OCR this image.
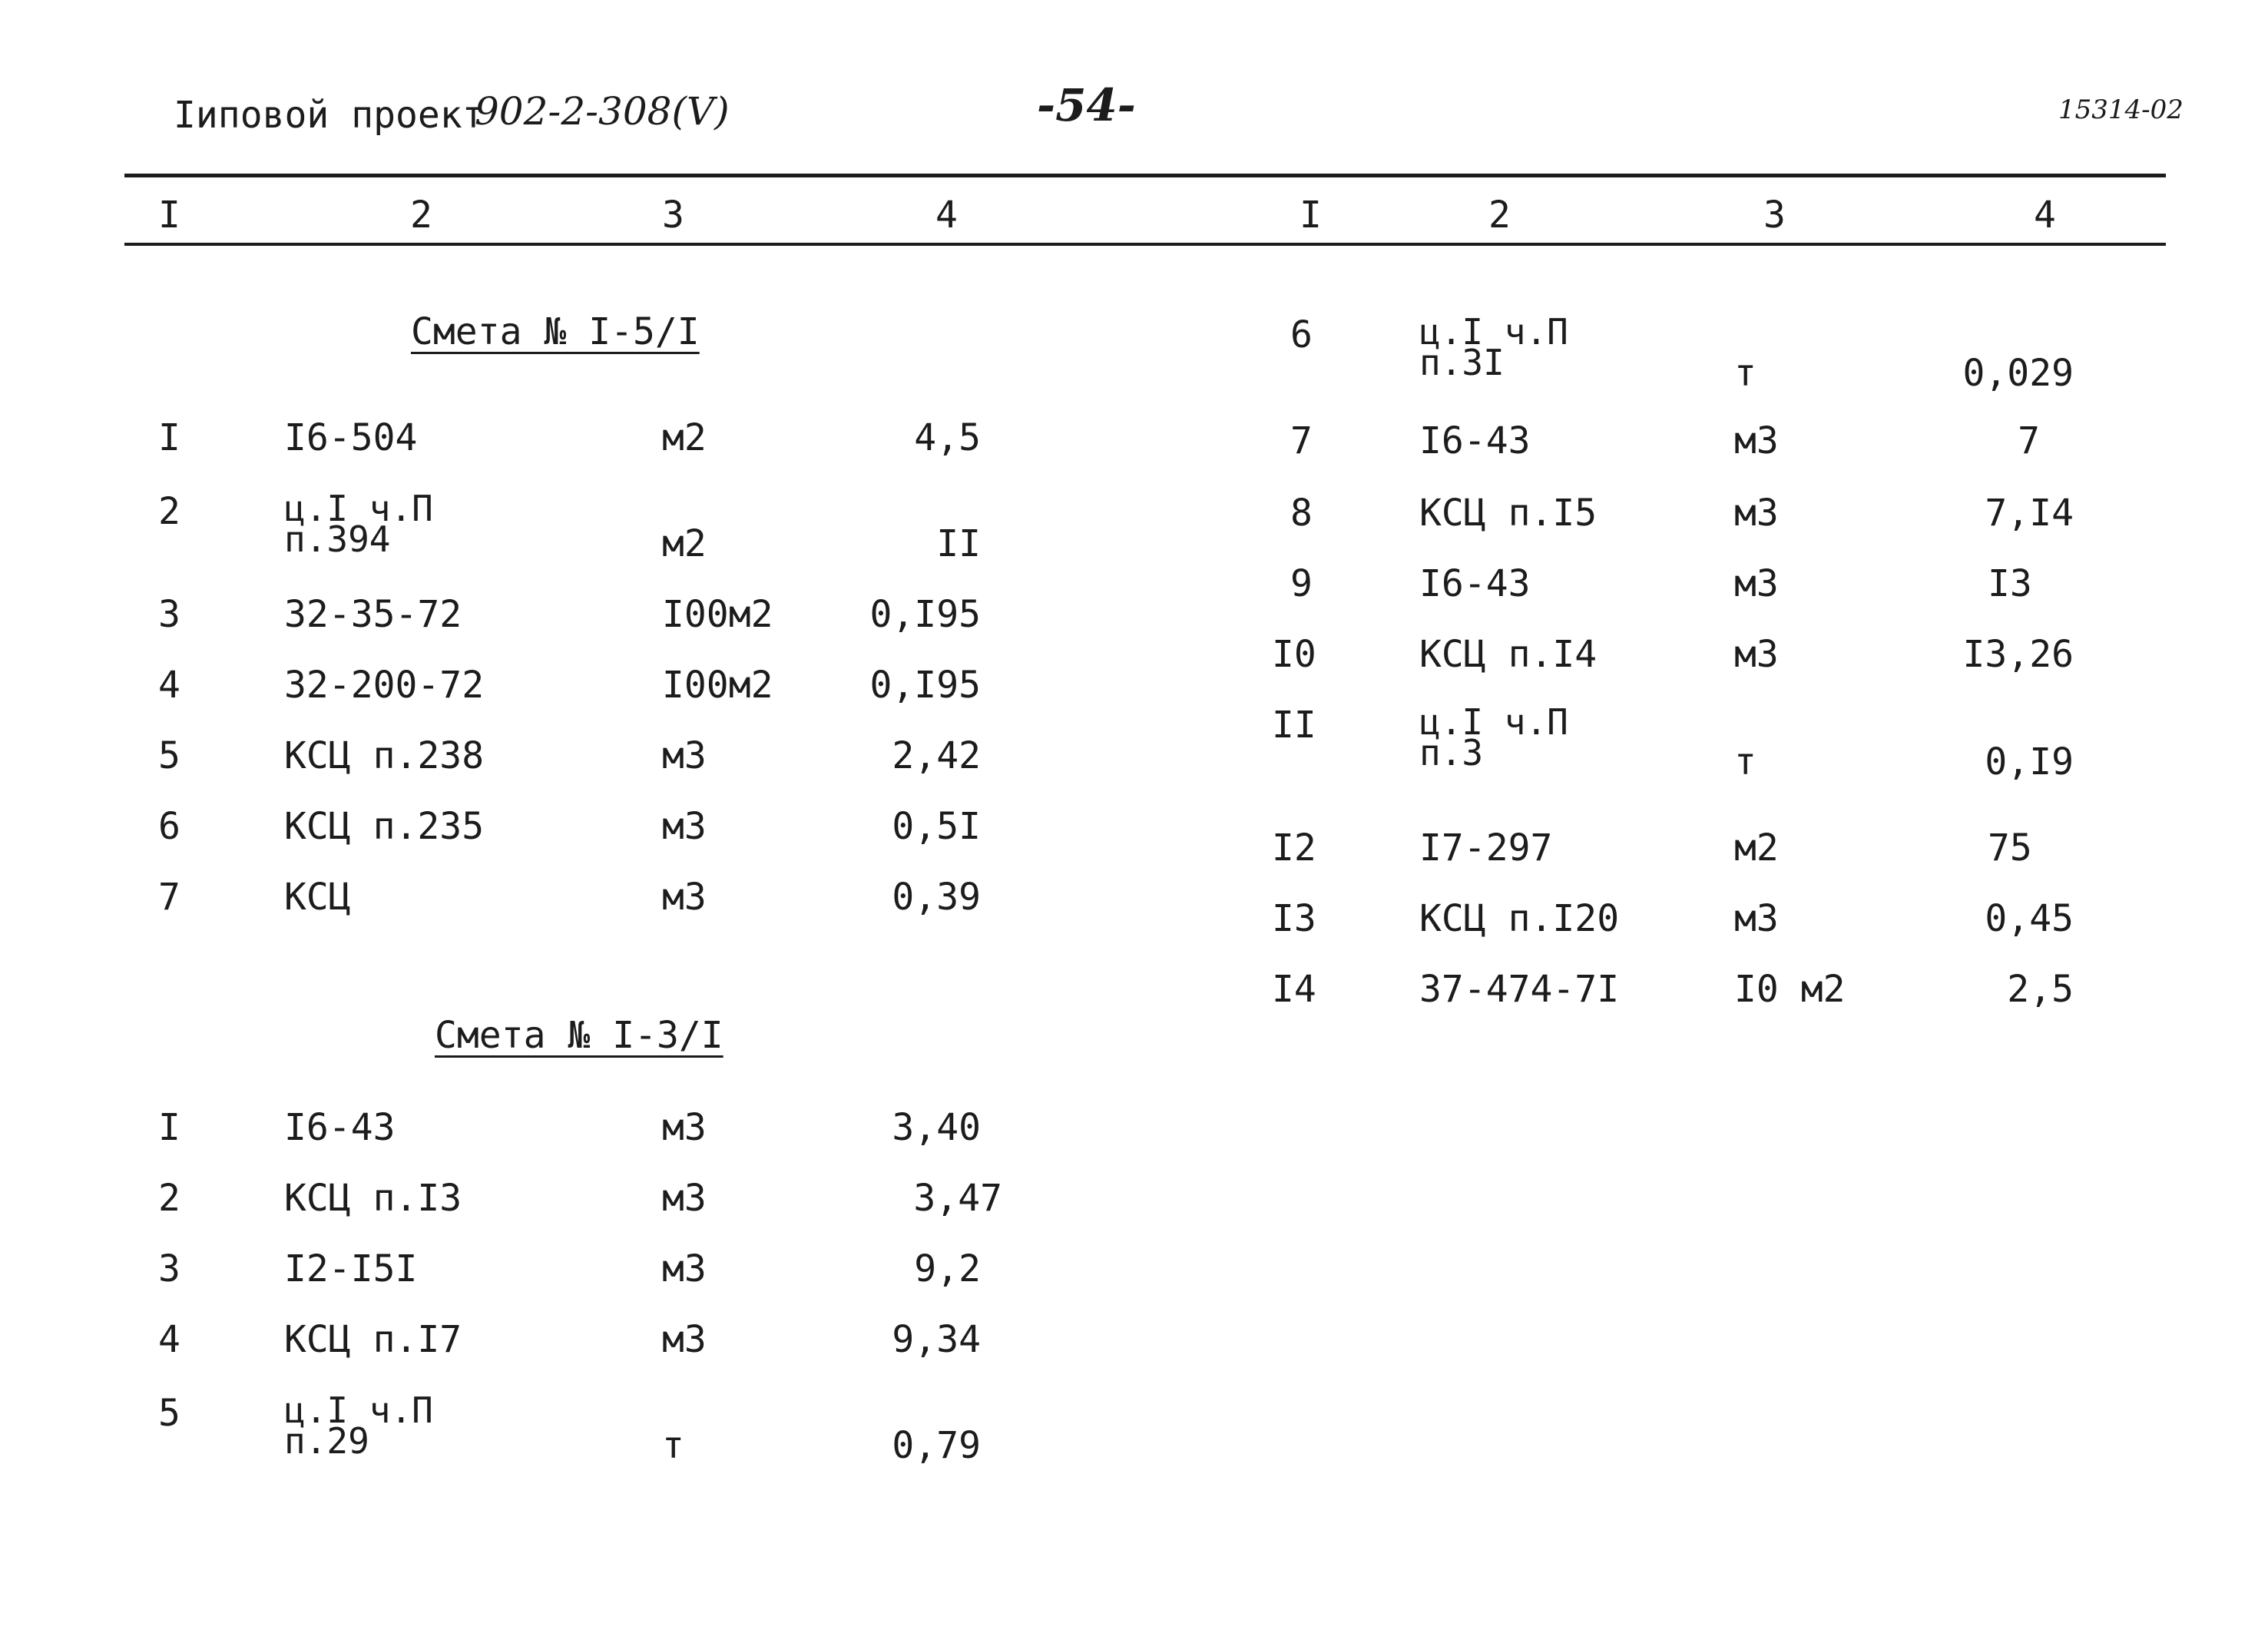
Іиповой проект
902-2-308(Ⅴ)	-54-	15314-02
I	2	3	4	I	2	3	4
Смета № I-5/I
I	I6-504	м2	4,5
2	ц.I ч.П
п.394	м2	II
3	32-35-72	I00м2	0,I95
4	32-200-72	I00м2	0,I95
5	КСЦ п.238	м3	2,42
6	КСЦ п.235	м3	0,5I
7	КСЦ	м3	0,39
Смета № I-3/I
I	I6-43	м3	3,40
2	КСЦ п.I3	м3	3,47
3	I2-I5I	м3	9,2
4	КСЦ п.I7	м3	9,34
5	ц.I ч.П
п.29	т	0,79
6	ц.I ч.П
п.3I	т	0,029
7	I6-43	м3	7
8	КСЦ п.I5	м3	7,I4
9	I6-43	м3	I3
I0	КСЦ п.I4	м3	I3,26
II	ц.I ч.П
п.3	т	0,I9
I2	I7-297	м2	75
I3	КСЦ п.I20	м3	0,45
I4	37-474-7I	I0 м2	2,5
